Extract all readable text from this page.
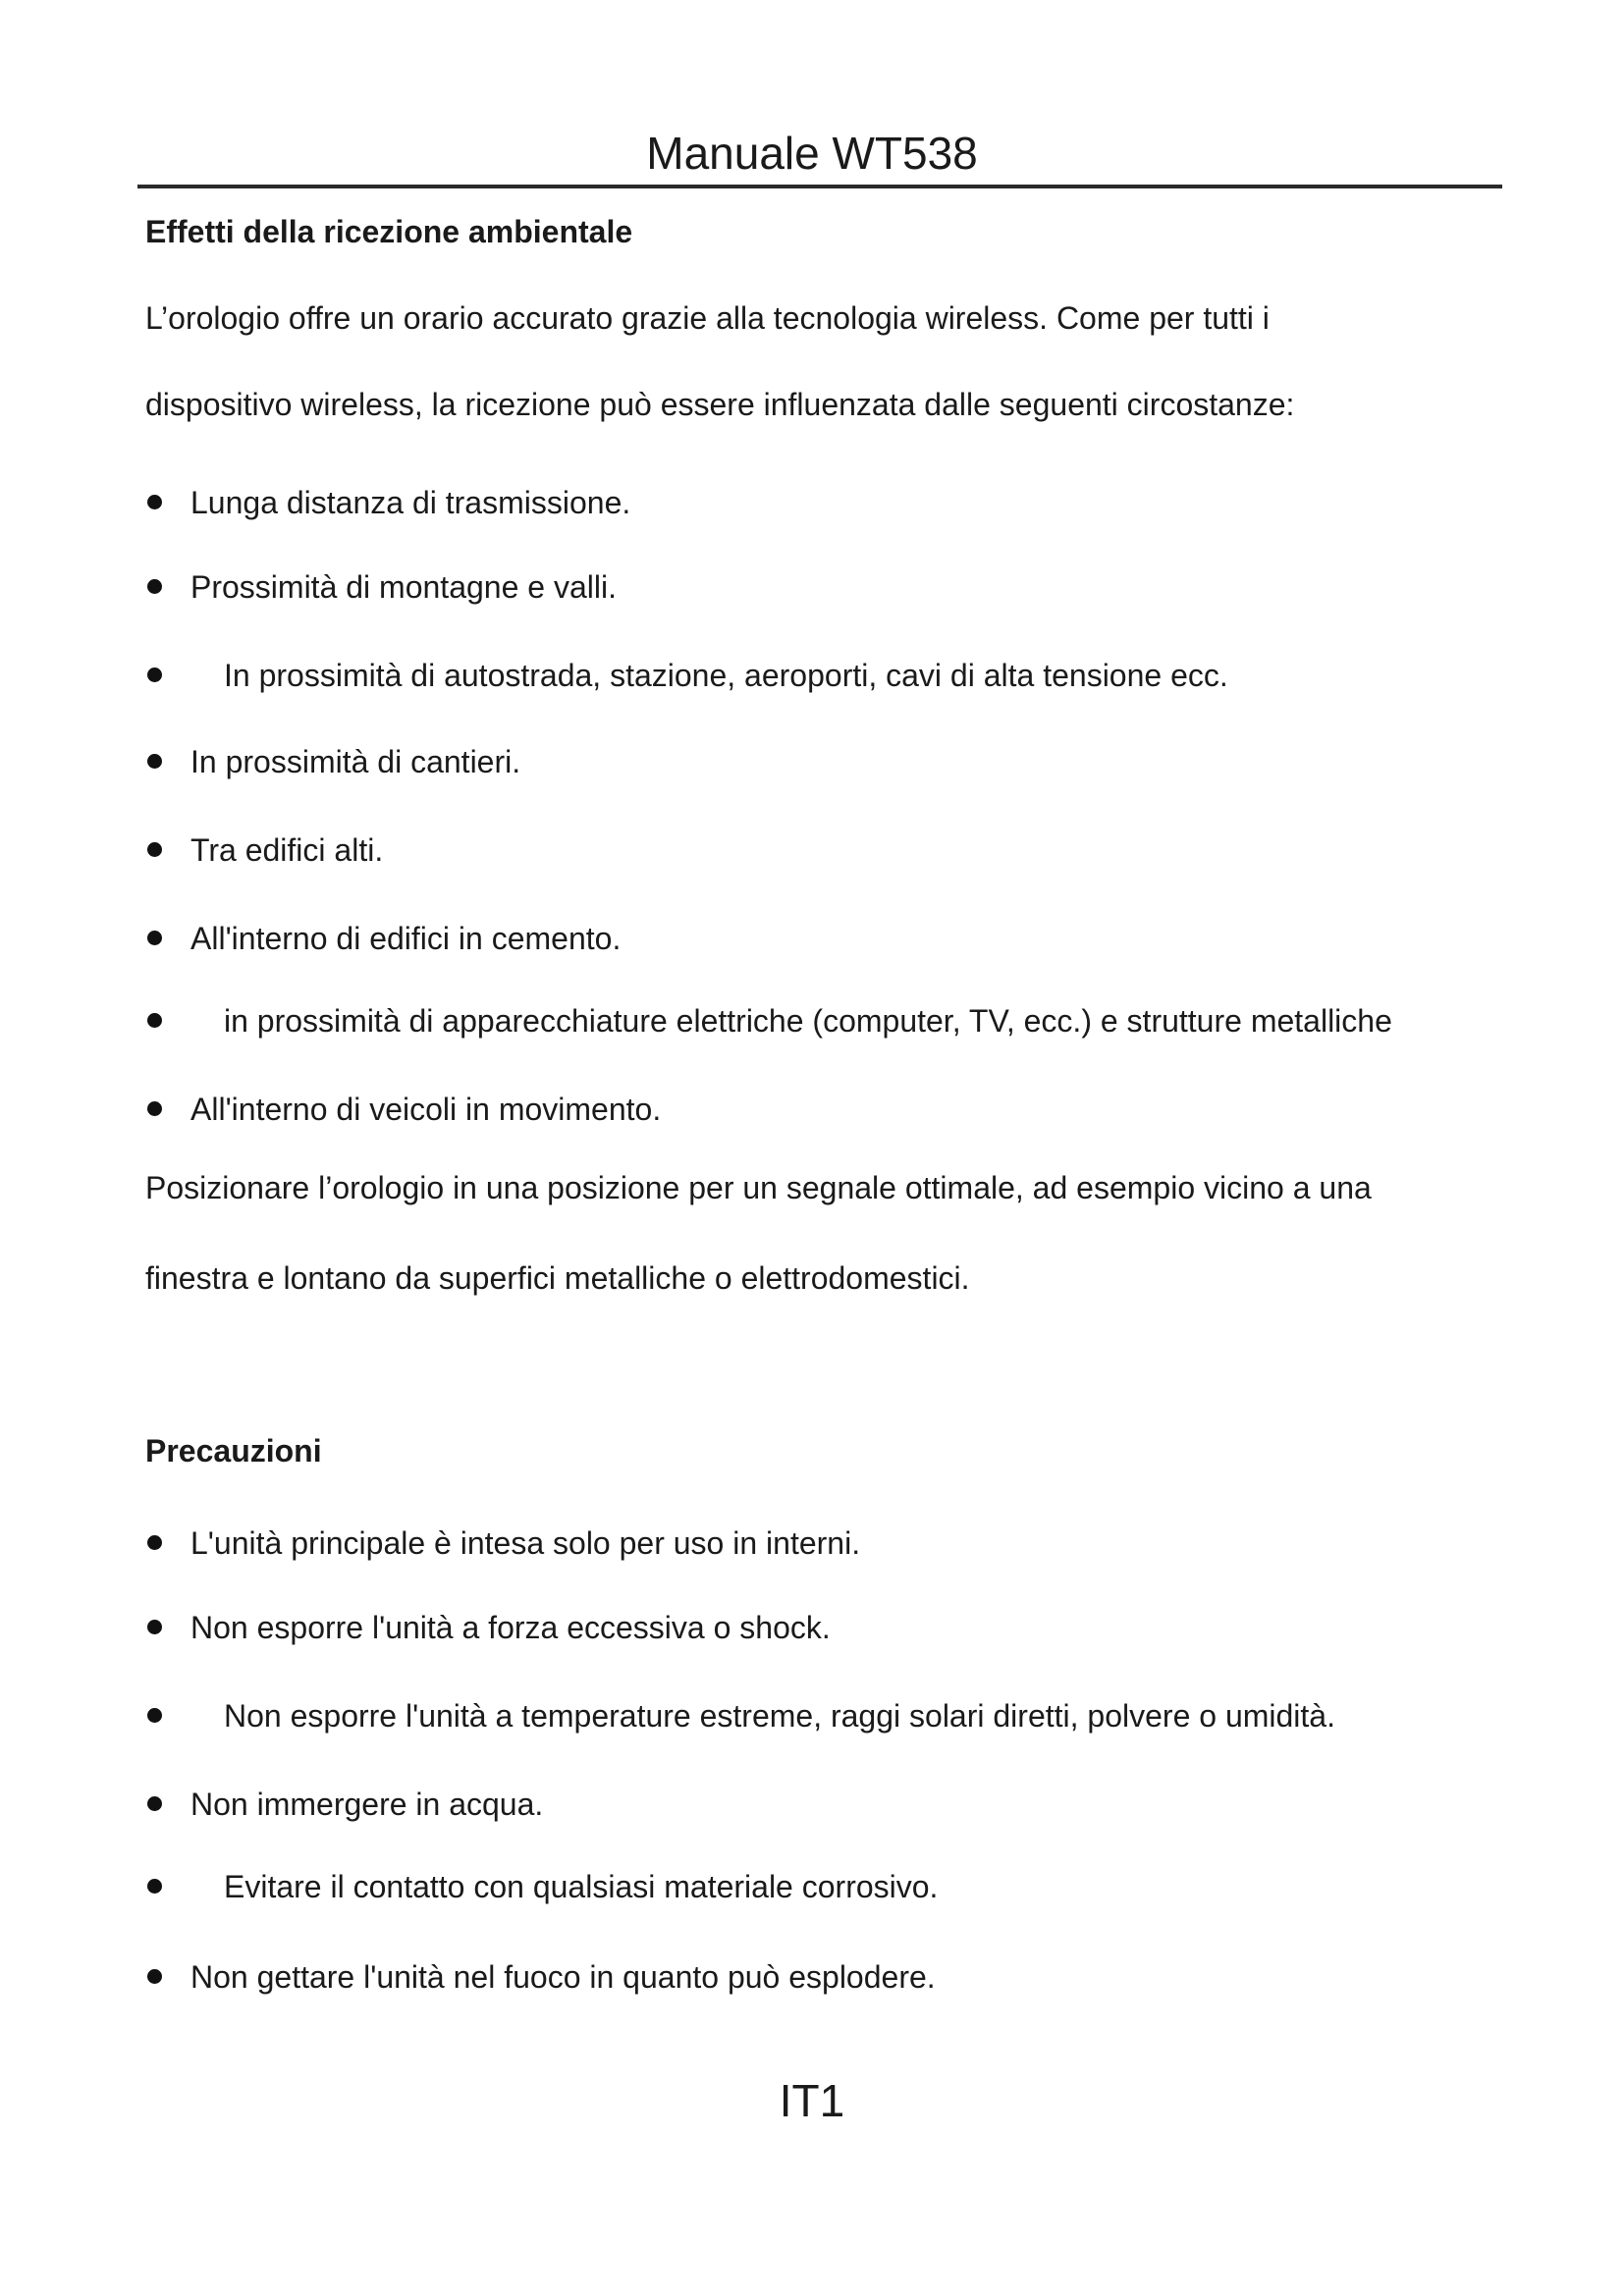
Manuale WT538
Effetti della ricezione ambientale
L’orologio offre un orario accurato grazie alla tecnologia wireless. Come per tutti i
dispositivo wireless, la ricezione può essere influenzata dalle seguenti circostanze:
Lunga distanza di trasmissione.
Prossimità di montagne e valli.
In prossimità di autostrada, stazione, aeroporti, cavi di alta tensione ecc.
In prossimità di cantieri.
Tra edifici alti.
All'interno di edifici in cemento.
in prossimità di apparecchiature elettriche (computer, TV, ecc.) e strutture metalliche
All'interno di veicoli in movimento.
Posizionare l’orologio in una posizione per un segnale ottimale, ad esempio vicino a una
finestra e lontano da superfici metalliche o elettrodomestici.
Precauzioni
L'unità principale è intesa solo per uso in interni.
Non esporre l'unità a forza eccessiva o shock.
Non esporre l'unità a temperature estreme, raggi solari diretti, polvere o umidità.
Non immergere in acqua.
Evitare il contatto con qualsiasi materiale corrosivo.
Non gettare l'unità nel fuoco in quanto può esplodere.
IT1
